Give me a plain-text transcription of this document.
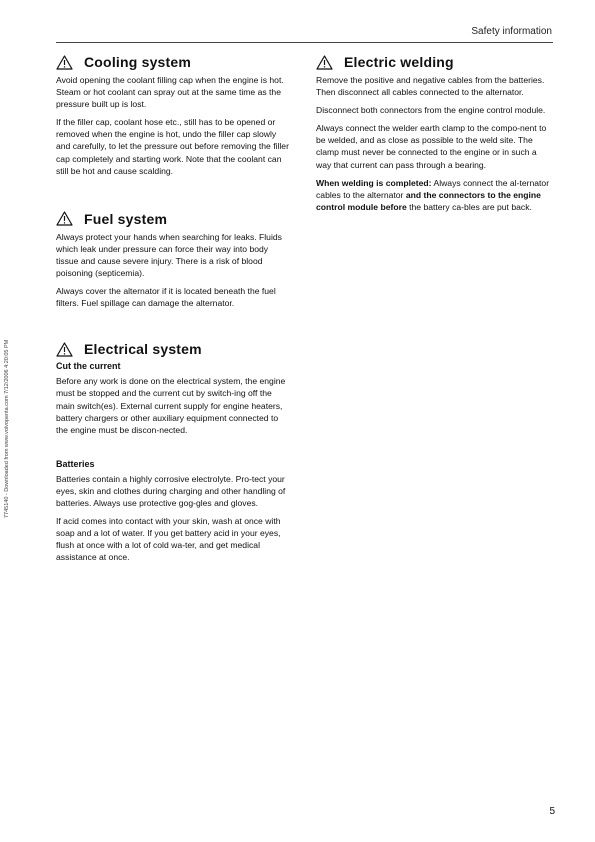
Safety information
7745140 - Downloaded from www.volvopenta.com 7/12/2006 4:20:05 PM
Cooling system

Avoid opening the coolant filling cap when the engine is hot. Steam or hot coolant can spray out at the same time as the pressure built up is lost.

If the filler cap, coolant hose etc., still has to be opened or removed when the engine is hot, undo the filler cap slowly and carefully, to let the pressure out before removing the filler cap completely and starting work. Note that the coolant can still be hot and cause scalding.

Fuel system

Always protect your hands when searching for leaks. Fluids which leak under pressure can force their way into body tissue and cause severe injury. There is a risk of blood poisoning (septicemia).

Always cover the alternator if it is located beneath the fuel filters. Fuel spillage can damage the alternator.

Electrical system
Cut the current

Before any work is done on the electrical system, the engine must be stopped and the current cut by switch-ing off the main switch(es). External current supply for engine heaters, battery chargers or other auxiliary equipment connected to the engine must be discon-nected.

Batteries

Batteries contain a highly corrosive electrolyte. Pro-tect your eyes, skin and clothes during charging and other handling of batteries. Always use protective gog-gles and gloves.

If acid comes into contact with your skin, wash at once with soap and a lot of water. If you get battery acid in your eyes, flush at once with a lot of cold wa-ter, and get medical assistance at once.

Electric welding

Remove the positive and negative cables from the batteries. Then disconnect all cables connected to the alternator.

Disconnect both connectors from the engine control module.

Always connect the welder earth clamp to the compo-nent to be welded, and as close as possible to the weld site. The clamp must never be connected to the engine or in such a way that current can pass through a bearing.

When welding is completed: Always connect the al-ternator cables to the alternator and the connectors to the engine control module before the battery ca-bles are put back.

5
